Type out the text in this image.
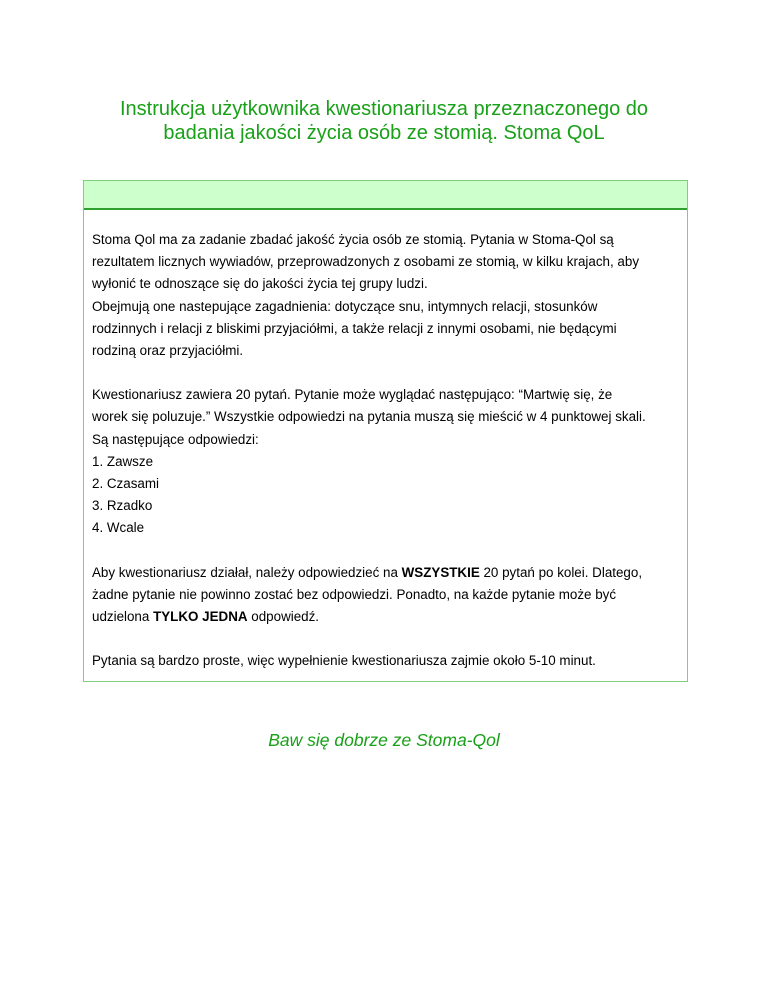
Instrukcja użytkownika kwestionariusza przeznaczonego do
badania jakości życia osób ze stomią. Stoma QoL

Stoma Qol ma za zadanie zbadać jakość życia osób ze stomią. Pytania w Stoma-Qol są

rezultatem licznych wywiadów, przeprowadzonych z osobami ze stomią, w kilku krajach, aby

wyłonić te odnoszące się do jakości życia tej grupy ludzi.

Obejmują one nastepujące zagadnienia: dotyczące snu, intymnych relacji, stosunków

rodzinnych i relacji z bliskimi przyjaciółmi, a także relacji z innymi osobami, nie będącymi

rodziną oraz przyjaciółmi.

Kwestionariusz zawiera 20 pytań. Pytanie może wyglądać następująco: “Martwię się, że

worek się poluzuje.” Wszystkie odpowiedzi na pytania muszą się mieścić w 4 punktowej skali.

Są następujące odpowiedzi:

1. Zawsze

2. Czasami

3. Rzadko

4. Wcale

Aby kwestionariusz działał, należy odpowiedzieć na WSZYSTKIE 20 pytań po kolei. Dlatego,

żadne pytanie nie powinno zostać bez odpowiedzi. Ponadto, na każde pytanie może być

udzielona TYLKO JEDNA odpowiedź.

Pytania są bardzo proste, więc wypełnienie kwestionariusza zajmie około 5-10 minut.

Baw się dobrze ze Stoma-Qol
